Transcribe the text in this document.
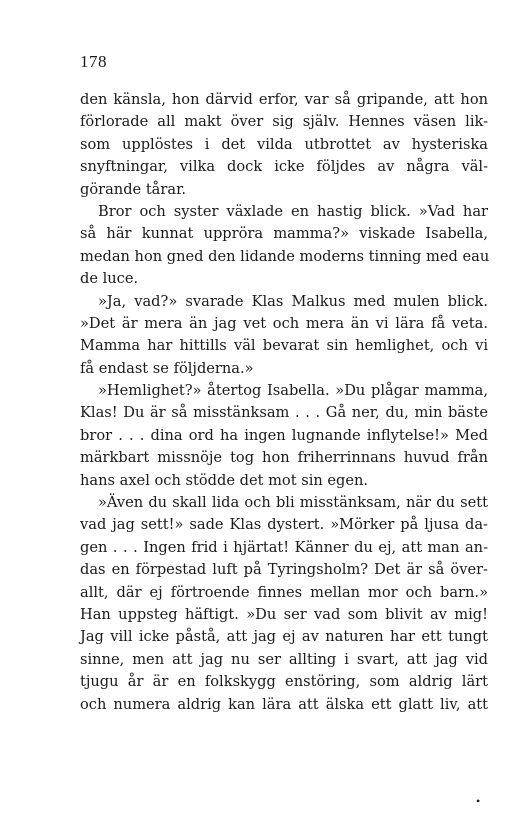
178
den känsla, hon därvid erfor, var så gripande, att hon
förlorade all makt över sig själv. Hennes väsen lik-
som upplöstes i det vilda utbrottet av hysteriska
snyftningar, vilka dock icke följdes av några väl-
görande tårar.
Bror och syster växlade en hastig blick. »Vad har
så här kunnat uppröra mamma?» viskade Isabella,
medan hon gned den lidande moderns tinning med eau
de luce.
»Ja, vad?» svarade Klas Malkus med mulen blick.
»Det är mera än jag vet och mera än vi lära få veta.
Mamma har hittills väl bevarat sin hemlighet, och vi
få endast se följderna.»
»Hemlighet?» återtog Isabella. »Du plågar mamma,
Klas! Du är så misstänksam . . . Gå ner, du, min bäste
bror . . . dina ord ha ingen lugnande inflytelse!» Med
märkbart missnöje tog hon friherrinnans huvud från
hans axel och stödde det mot sin egen.
»Även du skall lida och bli misstänksam, när du sett
vad jag sett!» sade Klas dystert. »Mörker på ljusa da-
gen . . . Ingen frid i hjärtat! Känner du ej, att man an-
das en förpestad luft på Tyringsholm? Det är så över-
allt, där ej förtroende finnes mellan mor och barn.»
Han uppsteg häftigt. »Du ser vad som blivit av mig!
Jag vill icke påstå, att jag ej av naturen har ett tungt
sinne, men att jag nu ser allting i svart, att jag vid
tjugu år är en folkskygg enstöring, som aldrig lärt
och numera aldrig kan lära att älska ett glatt liv, att
•
